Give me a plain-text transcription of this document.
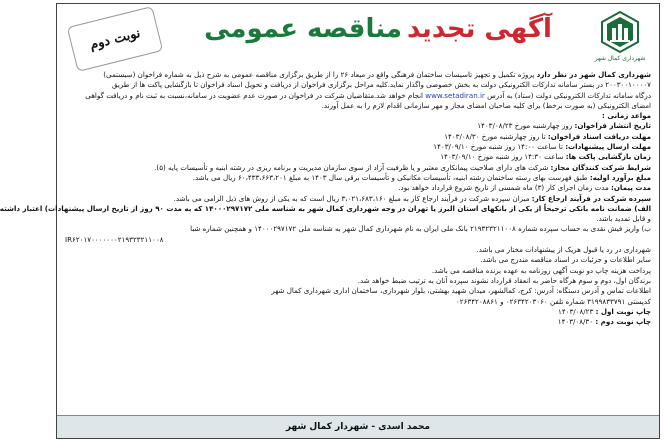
شهرداری کمال شهر
آگهی تجدید مناقصه عمومی
نوبت دوم
شهرداری کمال شهر در نظر دارد پروژه تکمیل و تجهیز تاسیسات ساختمان فرهنگی واقع در میعاد ۲۶ را از طریق برگزاری مناقصه عمومی به شرح ذیل به شماره فراخوان (سیستمی)
۲۰۰۳۰۰۱۰۰۰۰۷ در بستر سامانه تدارکات الکترونیکی دولت به بخش خصوصی واگذار نماید.کلیه مراحل برگزاری فراخوان از دریافت و تحویل اسناد فراخوان تا بازگشایی پاکت ها از طریق
درگاه سامانه تدارکات الکترونیکی دولت (ستاد) به آدرس www.setadiran.ir انجام خواهد شد.متقاضیان شرکت در فراخوان در صورت عدم عضویت در سامانه،نسبت به ثبت نام و دریافت گواهی
امضای الکترونیکی (به صورت برخط) برای کلیه صاحبان امضای مجاز و مهر سازمانی اقدام لازم را به عمل آورند.
مواعد زمانی :
تاریخ انتشار فراخوان: روز چهارشنبه مورخ ۱۴۰۳/۰۸/۲۳
مهلت دریافت اسناد فراخوان: تا روز چهارشنبه مورخ ۱۴۰۳/۰۸/۳۰
مهلت ارسال پیشنهادات: تا ساعت ۱۴:۰۰ روز شنبه مورخ ۱۴۰۳/۰۹/۱۰
زمان بازگشایی پاکت ها: ساعت ۱۴:۳۰ روز شنبه مورخ ۱۴۰۳/۰۹/۱۰
شرایط شرکت کنندگان مجاز: شرکت های دارای صلاحیت پیمانکاری معتبر و یا ظرفیت آزاد از سوی سازمان مدیریت و برنامه ریزی در رشته ابنیه و تأسیسات پایه (۵).
مبلغ برآورد اولیه: طبق فهرست بهای رسته ساختمان رشته ابنیه، تأسیسات مکانیکی و تأسیسات برقی سال ۱۴۰۳ به مبلغ ۶۰،۴۳۳،۶۶۳،۲۰۱ ریال می باشد.
مدت پیمان: مدت زمان اجرای کار (۳) ماه شمسی از تاریخ شروع قرارداد خواهد بود.
سپرده شرکت در فرآیند ارجاع کار: میزان سپرده شرکت در فرآیند ارجاع کار به مبلغ ۳،۰۲۱،۶۸۳،۱۶۰ ریال است که به یکی از روش های ذیل الزامی می باشد.
الف) ضمانت نامه بانکی ترجیحاً از یکی از بانکهای استان البرز یا تهران در وجه شهرداری کمال شهر به شناسه ملی ۱۴۰۰۰۲۹۷۱۷۲ که به مدت ۹۰ روز از تاریخ ارسال پیشنهادات) اعتبار داشته
و قابل تمدید باشد.
ب) واریز فیش نقدی به حساب سپرده شماره ۲۱۹۳۲۳۲۱۱۰۰۸ بانک ملی ایران به نام شهرداری کمال شهر به شناسه ملی ۱۴۰۰۰۲۹۷۱۷۲ و همچنین شماره شبا
IR۶۲۰۱۷۰۰۰۰۰۰۰۲۱۹۳۲۳۲۱۱۰۰۸
شهرداری در رد یا قبول هریک از پیشنهادات مختار می باشد.
سایر اطلاعات و جزئیات در اسناد مناقصه مندرج می باشد.
پرداخت هزینه چاپ دو نوبت آگهی روزنامه به عهده برنده مناقصه می باشد.
برندگان اول، دوم و سوم هرگاه حاضر به انعقاد قرارداد نشوند سپرده آنان به ترتیب ضبط خواهد شد.
اطلاعات تماس و آدرس دستگاه: آدرس: کرج، کمالشهر، میدان شهید بهشتی، بلوار شهرداری، ساختمان اداری شهرداری کمال شهر
کدپستی ۳۱۹۹۸۳۳۷۹۱ شماره تلفن ۰۲۶۳۴۲۰۳۰۶۰ و ۰۲۶۳۴۲۰۸۸۶۱
چاپ نوبت اول : ۱۴۰۳/۰۸/۲۳
چاپ نوبت دوم : ۱۴۰۳/۰۸/۳۰
محمد اسدی - شهردار کمال شهر
